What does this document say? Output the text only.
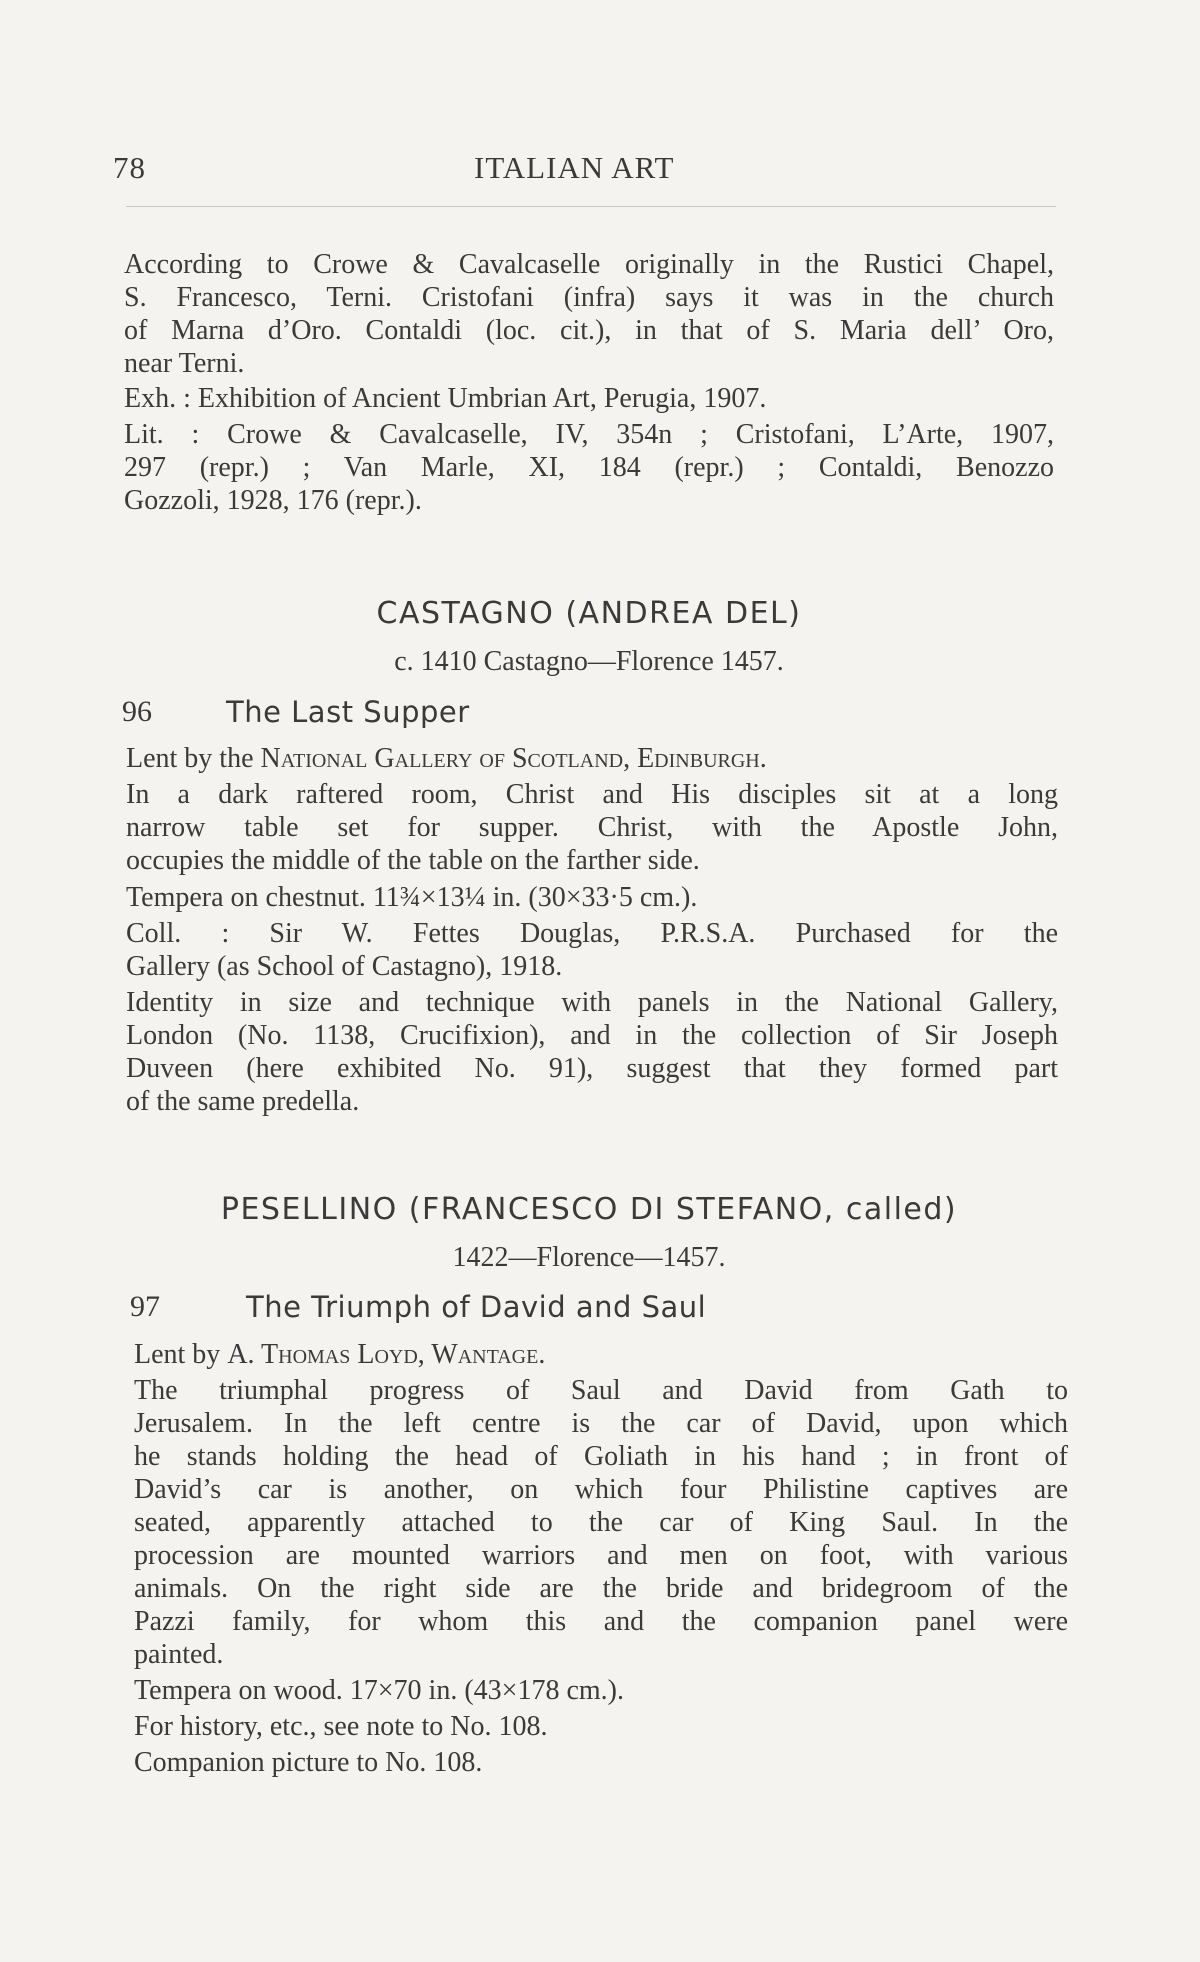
78	ITALIAN ART
According to Crowe & Cavalcaselle originally in the Rustici Chapel,
S. Francesco, Terni. Cristofani (infra) says it was in the church
of Marna d’Oro. Contaldi (loc. cit.), in that of S. Maria dell’ Oro,
near Terni.
Exh. : Exhibition of Ancient Umbrian Art, Perugia, 1907.
Lit. : Crowe & Cavalcaselle, IV, 354n ; Cristofani, L’Arte, 1907,
297 (repr.) ; Van Marle, XI, 184 (repr.) ; Contaldi, Benozzo
Gozzoli, 1928, 176 (repr.).
CASTAGNO (ANDREA DEL)
c. 1410 Castagno—Florence 1457.
96	The Last Supper
Lent by the National Gallery of Scotland, Edinburgh.
In a dark raftered room, Christ and His disciples sit at a long
narrow table set for supper. Christ, with the Apostle John,
occupies the middle of the table on the farther side.
Tempera on chestnut. 11¾×13¼ in. (30×33·5 cm.).
Coll. : Sir W. Fettes Douglas, P.R.S.A. Purchased for the
Gallery (as School of Castagno), 1918.
Identity in size and technique with panels in the National Gallery,
London (No. 1138, Crucifixion), and in the collection of Sir Joseph
Duveen (here exhibited No. 91), suggest that they formed part
of the same predella.
PESELLINO (FRANCESCO DI STEFANO, called)
1422—Florence—1457.
97	The Triumph of David and Saul
Lent by A. Thomas Loyd, Wantage.
The triumphal progress of Saul and David from Gath to
Jerusalem. In the left centre is the car of David, upon which
he stands holding the head of Goliath in his hand ; in front of
David’s car is another, on which four Philistine captives are
seated, apparently attached to the car of King Saul. In the
procession are mounted warriors and men on foot, with various
animals. On the right side are the bride and bridegroom of the
Pazzi family, for whom this and the companion panel were
painted.
Tempera on wood. 17×70 in. (43×178 cm.).
For history, etc., see note to No. 108.
Companion picture to No. 108.
